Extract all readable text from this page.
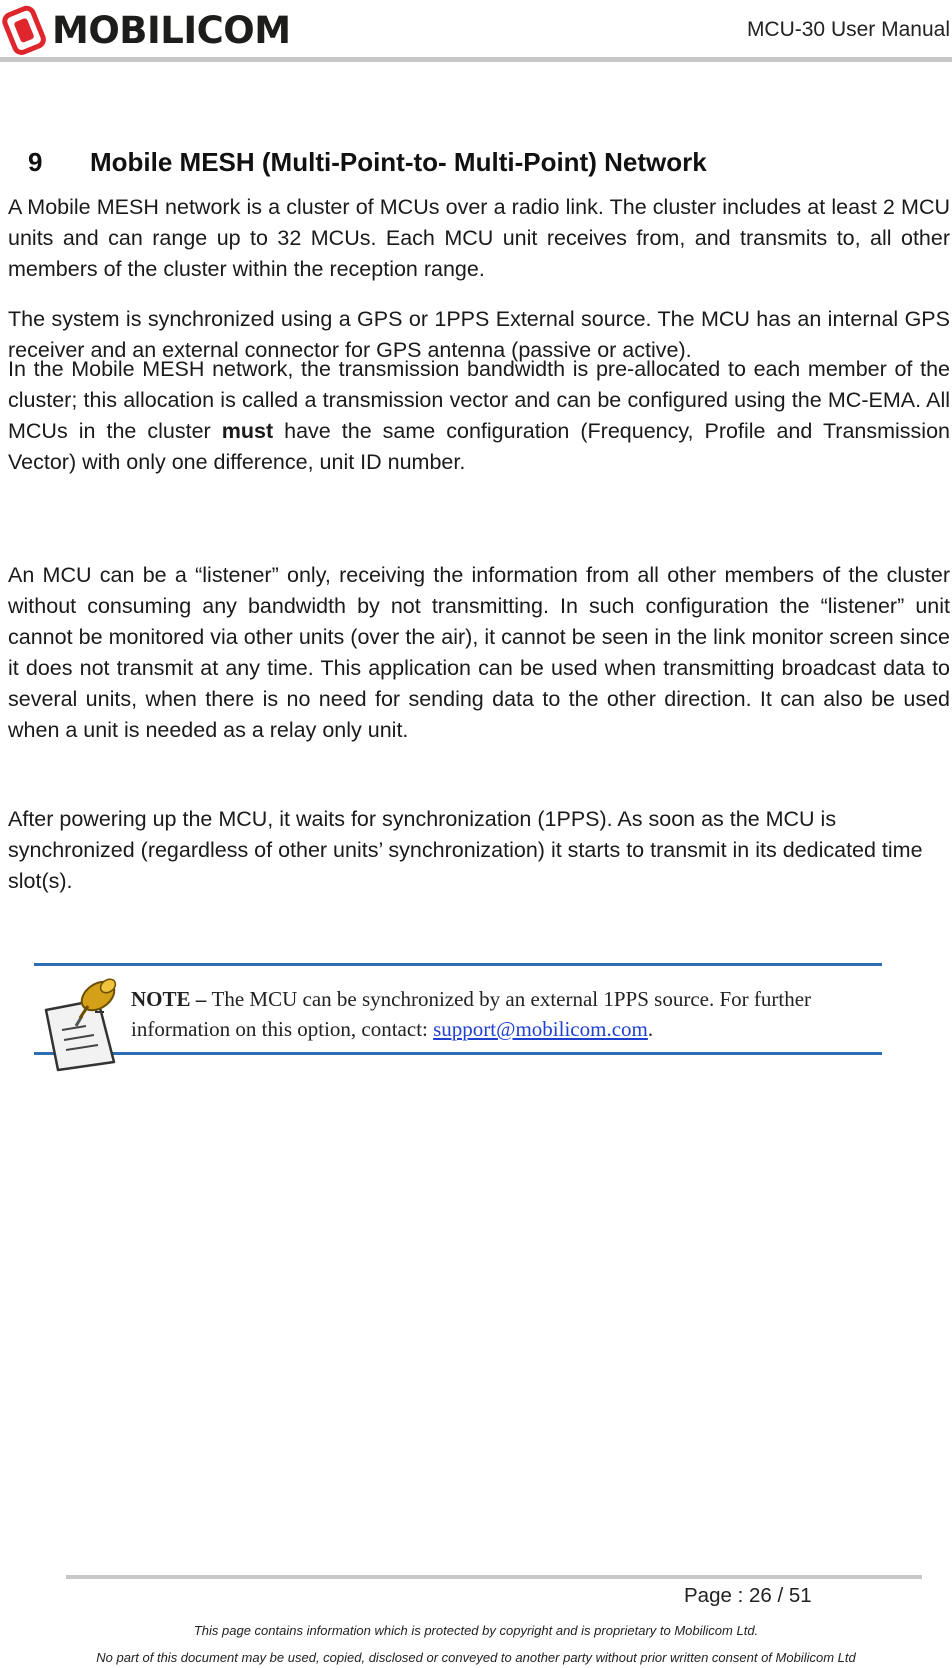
MOBILICOM	MCU-30 User Manual
9 Mobile MESH (Multi-Point-to- Multi-Point) Network

A Mobile MESH network is a cluster of MCUs over a radio link. The cluster includes at least 2 MCU units and can range up to 32 MCUs. Each MCU unit receives from, and transmits to, all other members of the cluster within the reception range.

The system is synchronized using a GPS or 1PPS External source. The MCU has an internal GPS receiver and an external connector for GPS antenna (passive or active).

In the Mobile MESH network, the transmission bandwidth is pre-allocated to each member of the cluster; this allocation is called a transmission vector and can be configured using the MC-EMA. All MCUs in the cluster must have the same configuration (Frequency, Profile and Transmission Vector) with only one difference, unit ID number.

An MCU can be a “listener” only, receiving the information from all other members of the cluster without consuming any bandwidth by not transmitting. In such configuration the “listener” unit cannot be monitored via other units (over the air), it cannot be seen in the link monitor screen since it does not transmit at any time. This application can be used when transmitting broadcast data to several units, when there is no need for sending data to the other direction. It can also be used when a unit is needed as a relay only unit.

After powering up the MCU, it waits for synchronization (1PPS). As soon as the MCU is synchronized (regardless of other units’ synchronization) it starts to transmit in its dedicated time slot(s).

NOTE – The MCU can be synchronized by an external 1PPS source. For further information on this option, contact: support@mobilicom.com.
Page : 26 / 51
This page contains information which is protected by copyright and is proprietary to Mobilicom Ltd.
No part of this document may be used, copied, disclosed or conveyed to another party without prior written consent of Mobilicom Ltd
